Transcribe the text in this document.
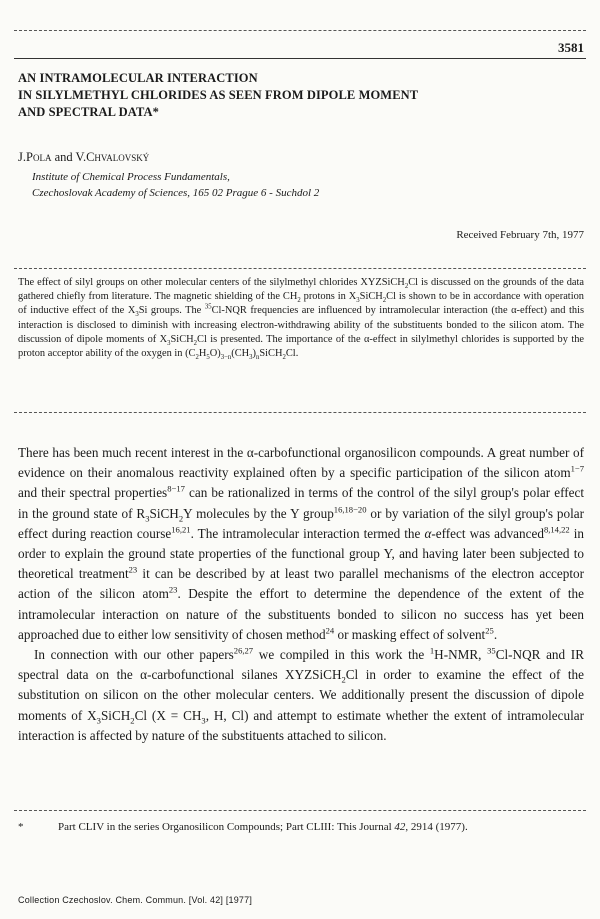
3581
AN INTRAMOLECULAR INTERACTION
IN SILYLMETHYL CHLORIDES AS SEEN FROM DIPOLE MOMENT
AND SPECTRAL DATA*
J.Pola and V.Chvalovský
Institute of Chemical Process Fundamentals,
Czechoslovak Academy of Sciences, 165 02 Prague 6 - Suchdol 2
Received February 7th, 1977
The effect of silyl groups on other molecular centers of the silylmethyl chlorides XYZSiCH$_2$Cl is discussed on the grounds of the data gathered chiefly from literature. The magnetic shielding of the $CH_2$ protons in $X_3SiCH_2Cl$ is shown to be in accordance with operation of inductive effect of the $X_3Si$ groups. The $^{35}$Cl-NQR frequencies are influenced by intramolecular interaction (the α-effect) and this interaction is disclosed to diminish with increasing electron-withdrawing ability of the substituents bonded to the silicon atom. The discussion of dipole moments of $X_3SiCH_2Cl$ is presented. The importance of the α-effect in silylmethyl chlorides is supported by the proton acceptor ability of the oxygen in $(C_2H_5O)_{3-n}(CH_3)_nSiCH_2Cl$.

There has been much recent interest in the α-carbofunctional organosilicon compounds. A great number of evidence on their anomalous reactivity explained often by a specific participation of the silicon atom$^{1-7}$ and their spectral properties$^{8-17}$ can be rationalized in terms of the control of the silyl group's polar effect in the ground state of $R_3SiCH_2Y$ molecules by the Y group$^{16,18-20}$ or by variation of the silyl group's polar effect during reaction course$^{16,21}$. The intramolecular interaction termed the α-effect was advanced$^{8,14,22}$ in order to explain the ground state properties of the functional group Y, and having later been subjected to theoretical treatment$^{23}$ it can be described by at least two parallel mechanisms of the electron acceptor action of the silicon atom$^{23}$. Despite the effort to determine the dependence of the extent of the intramolecular interaction on nature of the substituents bonded to silicon no success has yet been approached due to either low sensitivity of chosen method$^{24}$ or masking effect of solvent$^{25}$.

In connection with our other papers$^{26,27}$ we compiled in this work the $^1$H-NMR, $^{35}$Cl-NQR and IR spectral data on the α-carbofunctional silanes XYZSiCH$_2$Cl in order to examine the effect of the substitution on silicon on the other molecular centers. We additionally present the discussion of dipole moments of $X_3SiCH_2Cl$ ($X = CH_3$, H, Cl) and attempt to estimate whether the extent of intramolecular interaction is affected by nature of the substituents attached to silicon.

*	Part CLIV in the series Organosilicon Compounds; Part CLIII: This Journal 42, 2914 (1977).
Collection Czechoslov. Chem. Commun. [Vol. 42] [1977]
